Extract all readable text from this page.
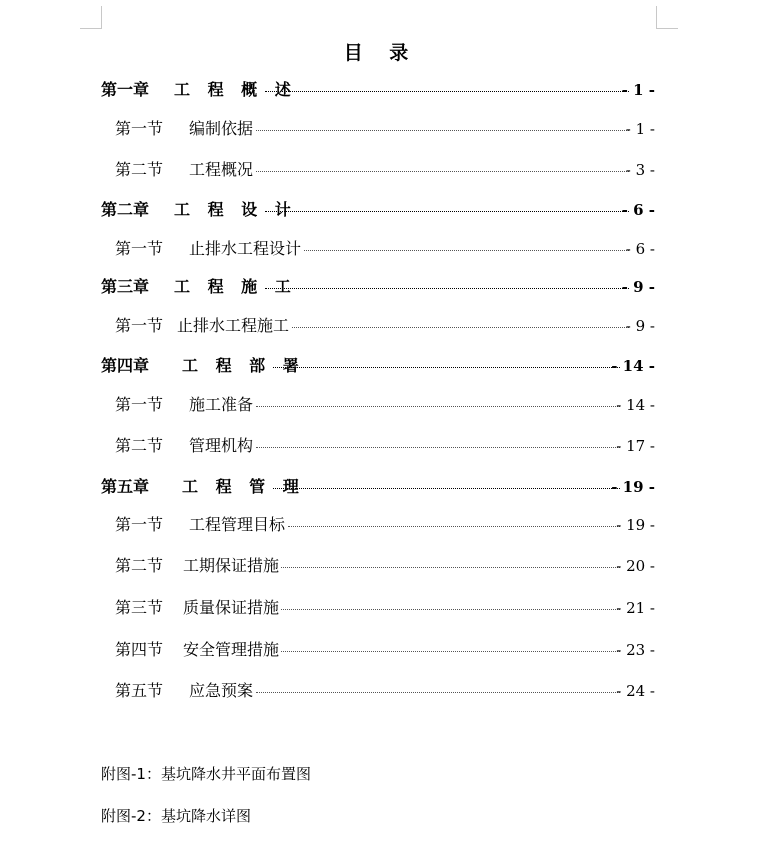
目 录
第一章 工 程 概 述	- 1 -
第一节 编制依据	- 1 -
第二节 工程概况	- 3 -
第二章 工 程 设 计	- 6 -
第一节 止排水工程设计	- 6 -
第三章 工 程 施 工	- 9 -
第一节 止排水工程施工	- 9 -
第四章 工 程 部 署	- 14 -
第一节 施工准备	- 14 -
第二节 管理机构	- 17 -
第五章 工 程 管 理	- 19 -
第一节 工程管理目标	- 19 -
第二节 工期保证措施	- 20 -
第三节 质量保证措施	- 21 -
第四节 安全管理措施	- 23 -
第五节 应急预案	- 24 -
附图-1：基坑降水井平面布置图
附图-2：基坑降水详图
